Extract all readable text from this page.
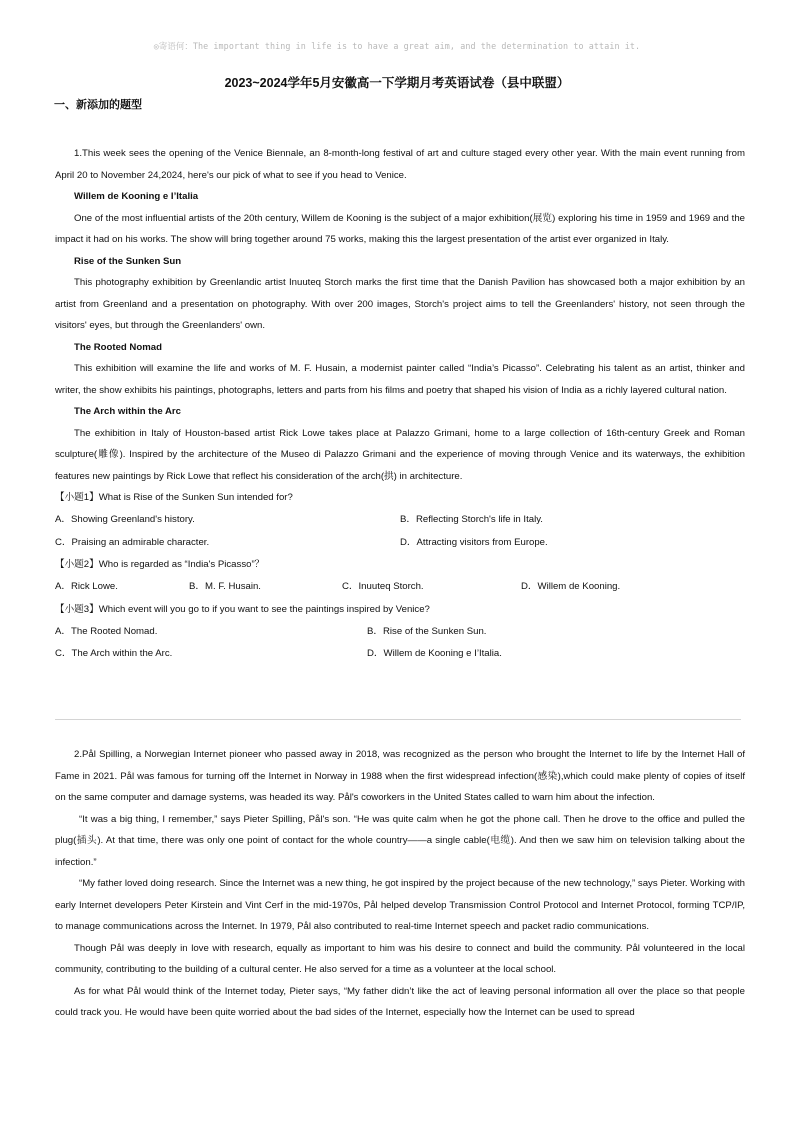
◎寄语何：The important thing in life is to have a great aim, and the determination to attain it.
2023~2024学年5月安徽高一下学期月考英语试卷（县中联盟）
一、新添加的题型

1.This week sees the opening of the Venice Biennale, an 8-month-long festival of art and culture staged every other year. With the main event running from April 20 to November 24,2024, here's our pick of what to see if you head to Venice.

Willem de Kooning e I’Italia

One of the most influential artists of the 20th century, Willem de Kooning is the subject of a major exhibition(展览) exploring his time in 1959 and 1969 and the impact it had on his works. The show will bring together around 75 works, making this the largest presentation of the artist ever organized in Italy.

Rise of the Sunken Sun

This photography exhibition by Greenlandic artist Inuuteq Storch marks the first time that the Danish Pavilion has showcased both a major exhibition by an artist from Greenland and a presentation on photography. With over 200 images, Storch's project aims to tell the Greenlanders' history, not seen through the visitors' eyes, but through the Greenlanders' own.

The Rooted Nomad

This exhibition will examine the life and works of M. F. Husain, a modernist painter called “India’s Picasso”. Celebrating his talent as an artist, thinker and writer, the show exhibits his paintings, photographs, letters and parts from his films and poetry that shaped his vision of India as a richly layered cultural nation.

The Arch within the Arc

The exhibition in Italy of Houston-based artist Rick Lowe takes place at Palazzo Grimani, home to a large collection of 16th-century Greek and Roman sculpture(雕像). Inspired by the architecture of the Museo di Palazzo Grimani and the experience of moving through Venice and its waterways, the exhibition features new paintings by Rick Lowe that reflect his consideration of the arch(拱) in architecture.

【小题1】What is Rise of the Sunken Sun intended for?
A．Showing Greenland's history.	B．Reflecting Storch's life in Italy.
C．Praising an admirable character.	D．Attracting visitors from Europe.
【小题2】Who is regarded as “India's Picasso”？
A．Rick Lowe.	B．M. F. Husain.	C．Inuuteq Storch.	D．Willem de Kooning.
【小题3】Which event will you go to if you want to see the paintings inspired by Venice?
A．The Rooted Nomad.	B．Rise of the Sunken Sun.
C．The Arch within the Arc.	D．Willem de Kooning e I’Italia.

2.Pål Spilling, a Norwegian Internet pioneer who passed away in 2018, was recognized as the person who brought the Internet to life by the Internet Hall of Fame in 2021. Pål was famous for turning off the Internet in Norway in 1988 when the first widespread infection(感染),which could make plenty of copies of itself on the same computer and damage systems, was headed its way. Pål's coworkers in the United States called to warn him about the infection.

“It was a big thing, I remember,” says Pieter Spilling, Pål's son. “He was quite calm when he got the phone call. Then he drove to the office and pulled the plug(插头). At that time, there was only one point of contact for the whole country——a single cable(电缆). And then we saw him on television talking about the infection.”

“My father loved doing research. Since the Internet was a new thing, he got inspired by the project because of the new technology,” says Pieter. Working with early Internet developers Peter Kirstein and Vint Cerf in the mid-1970s, Pål helped develop Transmission Control Protocol and Internet Protocol, forming TCP/IP, to manage communications across the Internet. In 1979, Pål also contributed to real-time Internet speech and packet radio communications.

Though Pål was deeply in love with research, equally as important to him was his desire to connect and build the community. Pål volunteered in the local community, contributing to the building of a cultural center. He also served for a time as a volunteer at the local school.

As for what Pål would think of the Internet today, Pieter says, “My father didn’t like the act of leaving personal information all over the place so that people could track you. He would have been quite worried about the bad sides of the Internet, especially how the Internet can be used to spread
